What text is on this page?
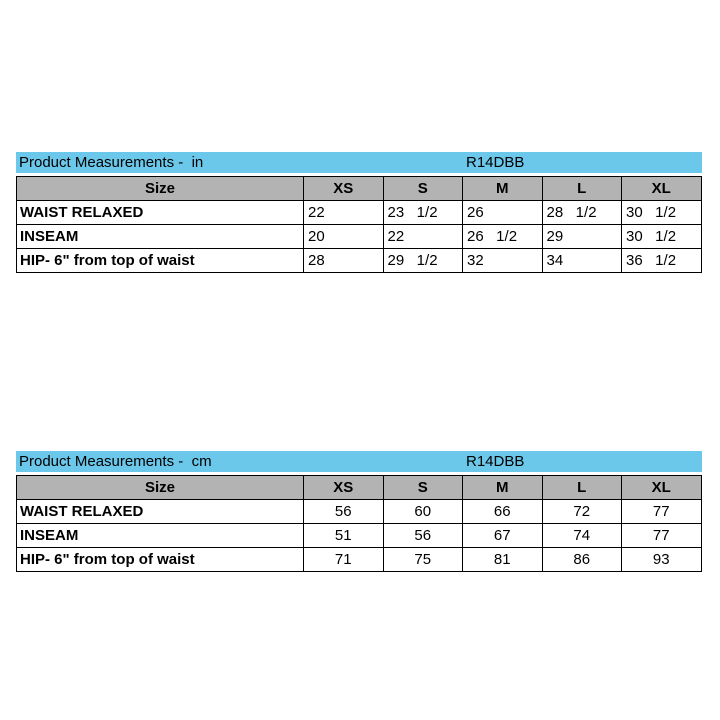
Product Measurements -  in	R14DBB
Size	XS	S	M	L	XL
WAIST RELAXED	22	23   1/2	26	28   1/2	30   1/2
INSEAM	20	22	26   1/2	29	30   1/2
HIP- 6" from top of waist	28	29   1/2	32	34	36   1/2
Product Measurements -  cm	R14DBB
Size	XS	S	M	L	XL
WAIST RELAXED	56	60	66	72	77
INSEAM	51	56	67	74	77
HIP- 6" from top of waist	71	75	81	86	93
